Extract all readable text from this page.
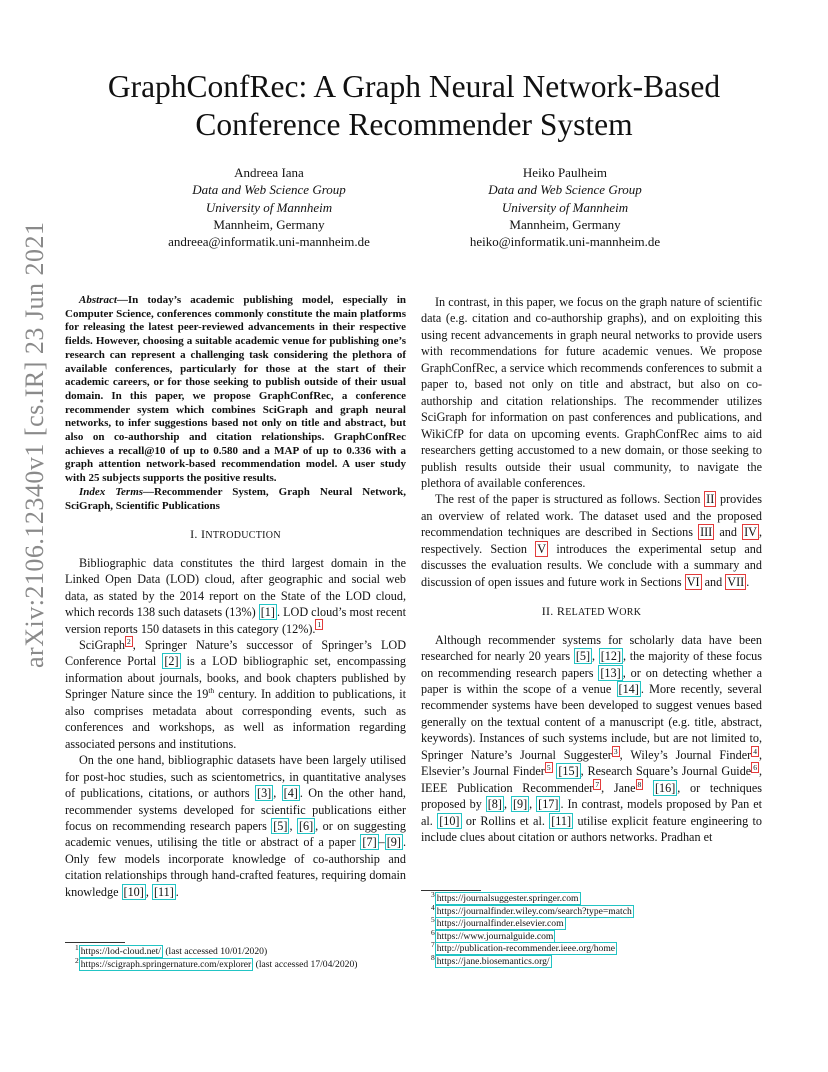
arXiv:2106.12340v1 [cs.IR] 23 Jun 2021
GraphConfRec: A Graph Neural Network-Based
Conference Recommender System
Andreea Iana
Data and Web Science Group
University of Mannheim
Mannheim, Germany
andreea@informatik.uni-mannheim.de
Heiko Paulheim
Data and Web Science Group
University of Mannheim
Mannheim, Germany
heiko@informatik.uni-mannheim.de

Abstract—In today’s academic publishing model, especially in Computer Science, conferences commonly constitute the main platforms for releasing the latest peer-reviewed advancements in their respective fields. However, choosing a suitable academic venue for publishing one’s research can represent a challenging task considering the plethora of available conferences, particularly for those at the start of their academic careers, or for those seeking to publish outside of their usual domain. In this paper, we propose GraphConfRec, a conference recommender system which combines SciGraph and graph neural networks, to infer suggestions based not only on title and abstract, but also on co-authorship and citation relationships. GraphConfRec achieves a recall@10 of up to 0.580 and a MAP of up to 0.336 with a graph attention network-based recommendation model. A user study with 25 subjects supports the positive results.

Index Terms—Recommender System, Graph Neural Network, SciGraph, Scientific Publications

I. INTRODUCTION

Bibliographic data constitutes the third largest domain in the Linked Open Data (LOD) cloud, after geographic and social web data, as stated by the 2014 report on the State of the LOD cloud, which records 138 such datasets (13%) [1] . LOD cloud’s most recent version reports 150 datasets in this category (12%). $^1$

SciGraph $^2$ , Springer Nature’s successor of Springer’s LOD Conference Portal [2] is a LOD bibliographic set, encompassing information about journals, books, and book chapters published by Springer Nature since the 19th century. In addition to publications, it also comprises metadata about corresponding events, such as conferences and workshops, as well as information regarding associated persons and institutions.

On the one hand, bibliographic datasets have been largely utilised for post-hoc studies, such as scientometrics, in quantitative analyses of publications, citations, or authors [3] , [4] . On the other hand, recommender systems developed for scientific publications either focus on recommending research papers [5] , [6] , or on suggesting academic venues, utilising the title or abstract of a paper [7] – [9] . Only few models incorporate knowledge of co-authorship and citation relationships through hand-crafted features, requiring domain knowledge [10] , [11] .

$^1$ https://lod-cloud.net/ (last accessed 10/01/2020)
$^2$ https://scigraph.springernature.com/explorer (last accessed 17/04/2020)

In contrast, in this paper, we focus on the graph nature of scientific data (e.g. citation and co-authorship graphs), and on exploiting this using recent advancements in graph neural networks to provide users with recommendations for future academic venues. We propose GraphConfRec, a service which recommends conferences to submit a paper to, based not only on title and abstract, but also on co-authorship and citation relationships. The recommender utilizes SciGraph for information on past conferences and publications, and WikiCfP for data on upcoming events. GraphConfRec aims to aid researchers getting accustomed to a new domain, or those seeking to publish results outside their usual community, to navigate the plethora of available conferences.

The rest of the paper is structured as follows. Section II provides an overview of related work. The dataset used and the proposed recommendation techniques are described in Sections III and IV , respectively. Section V introduces the experimental setup and discusses the evaluation results. We conclude with a summary and discussion of open issues and future work in Sections VI and VII .

II. RELATED WORK

Although recommender systems for scholarly data have been researched for nearly 20 years [5] , [12] , the majority of these focus on recommending research papers [13] , or on detecting whether a paper is within the scope of a venue [14] . More recently, several recommender systems have been developed to suggest venues based generally on the textual content of a manuscript (e.g. title, abstract, keywords). Instances of such systems include, but are not limited to, Springer Nature’s Journal Suggester $^3$ , Wiley’s Journal Finder $^4$ , Elsevier’s Journal Finder $^5$ [15] , Research Square’s Journal Guide $^6$ , IEEE Publication Recommender $^7$ , Jane $^8$ [16] , or techniques proposed by [8] , [9] , [17] . In contrast, models proposed by Pan et al. [10] or Rollins et al. [11] utilise explicit feature engineering to include clues about citation or authors networks. Pradhan et

$^3$ https://journalsuggester.springer.com
$^4$ https://journalfinder.wiley.com/search?type=match
$^5$ https://journalfinder.elsevier.com
$^6$ https://www.journalguide.com
$^7$ http://publication-recommender.ieee.org/home
$^8$ https://jane.biosemantics.org/
